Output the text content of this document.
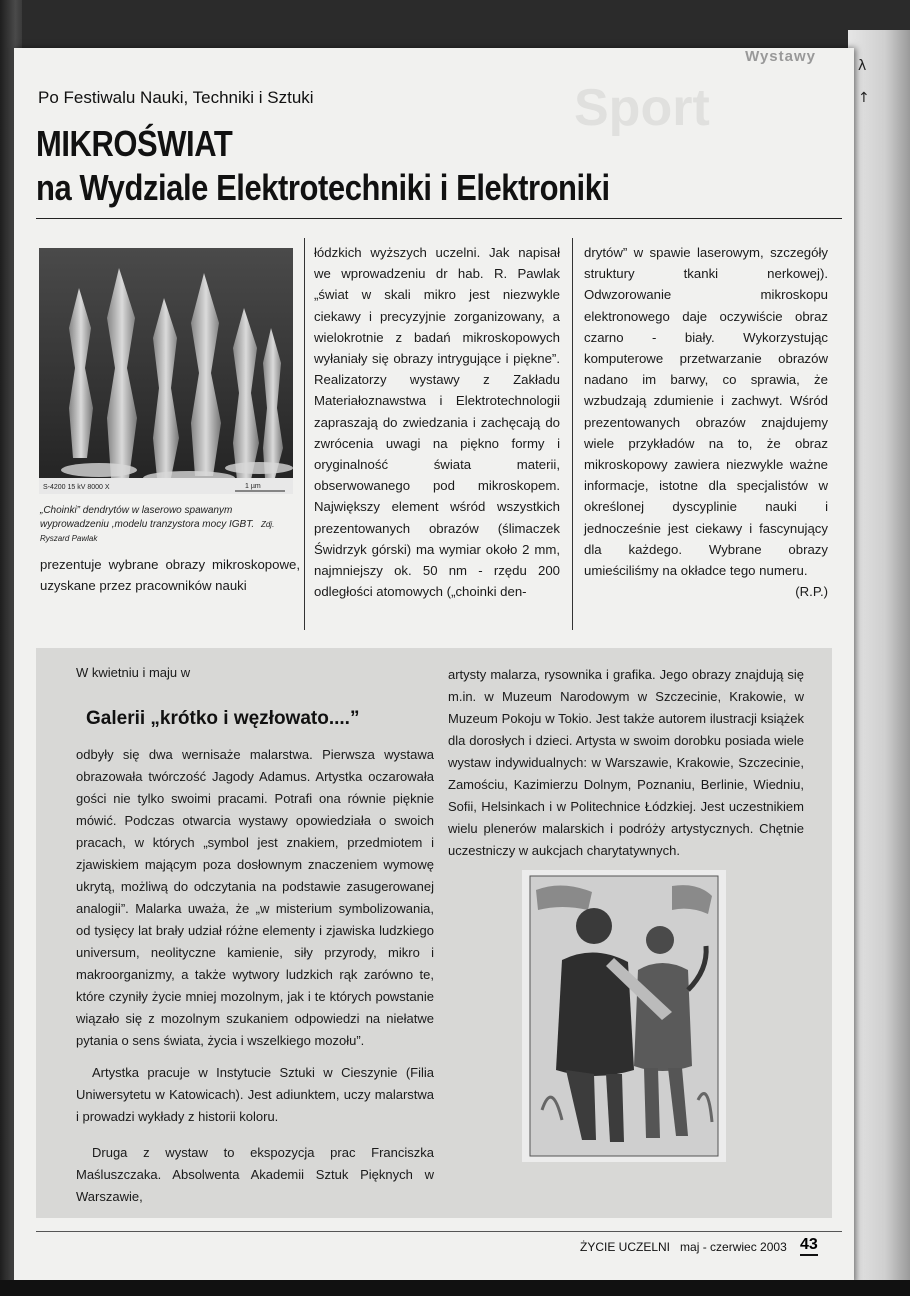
λ
↑
Wystawy
Sport
Po Festiwalu Nauki, Techniki i Sztuki
MIKROŚWIAT
na Wydziale Elektrotechniki i Elektroniki
S-4200 15 kV 8000 X	1 µm
„Choinki” dendrytów w laserowo spawanym wyprowadzeniu ,modelu tranzystora mocy IGBT. Zdj. Ryszard Pawlak
prezentuje wybrane obrazy mikroskopowe, uzyskane przez pracowników nauki
łódzkich wyższych uczelni. Jak napisał we wprowadzeniu dr hab. R. Pawlak „świat w skali mikro jest niezwykle ciekawy i precyzyjnie zorganizowany, a wielokrotnie z badań mikroskopowych wyłaniały się obrazy intrygujące i piękne”. Realizatorzy wystawy z Zakładu Materiałoznawstwa i Elektrotechnologii zapraszają do zwiedzania i zachęcają do zwrócenia uwagi na piękno formy i oryginalność świata materii, obserwowanego pod mikroskopem. Największy element wśród wszystkich prezentowanych obrazów (ślimaczek Świdrzyk górski) ma wymiar około 2 mm, najmniejszy ok. 50 nm - rzędu 200 odległości atomowych („choinki den-
drytów” w spawie laserowym, szczegóły struktury tkanki nerkowej). Odwzorowanie mikroskopu elektronowego daje oczywiście obraz czarno - biały. Wykorzystując komputerowe przetwarzanie obrazów nadano im barwy, co sprawia, że wzbudzają zdumienie i zachwyt. Wśród prezentowanych obrazów znajdujemy wiele przykładów na to, że obraz mikroskopowy zawiera niezwykle ważne informacje, istotne dla specjalistów w określonej dyscyplinie nauki i jednocześnie jest ciekawy i fascynujący dla każdego. Wybrane obrazy umieściliśmy na okładce tego numeru.
(R.P.)
W kwietniu i maju w
Galerii „krótko i węzłowato....”

odbyły się dwa wernisaże malarstwa. Pierwsza wystawa obrazowała twórczość Jagody Adamus. Artystka oczarowała gości nie tylko swoimi pracami. Potrafi ona równie pięknie mówić. Podczas otwarcia wystawy opowiedziała o swoich pracach, w których „symbol jest znakiem, przedmiotem i zjawiskiem mającym poza dosłownym znaczeniem wymowę ukrytą, możliwą do odczytania na podstawie zasugerowanej analogii”. Malarka uważa, że „w misterium symbolizowania, od tysięcy lat brały udział różne elementy i zjawiska ludzkiego universum, neolityczne kamienie, siły przyrody, mikro i makroorganizmy, a także wytwory ludzkich rąk zarówno te, które czyniły życie mniej mozolnym, jak i te których powstanie wiązało się z mozolnym szukaniem odpowiedzi na niełatwe pytania o sens świata, życia i wszelkiego mozołu”.

Artystka pracuje w Instytucie Sztuki w Cieszynie (Filia Uniwersytetu w Katowicach). Jest adiunktem, uczy malarstwa i prowadzi wykłady z historii koloru.

Druga z wystaw to ekspozycja prac Franciszka Maśluszczaka. Absolwenta Akademii Sztuk Pięknych w Warszawie,

artysty malarza, rysownika i grafika. Jego obrazy znajdują się m.in. w Muzeum Narodowym w Szczecinie, Krakowie, w Muzeum Pokoju w Tokio. Jest także autorem ilustracji książek dla dorosłych i dzieci. Artysta w swoim dorobku posiada wiele wystaw indywidualnych: w Warszawie, Krakowie, Szczecinie, Zamościu, Kazimierzu Dolnym, Poznaniu, Berlinie, Wiedniu, Sofii, Helsinkach i w Politechnice Łódzkiej. Jest uczestnikiem wielu plenerów malarskich i podróży artystycznych. Chętnie uczestniczy w aukcjach charytatywnych.
ŻYCIE UCZELNI maj - czerwiec 2003 43
